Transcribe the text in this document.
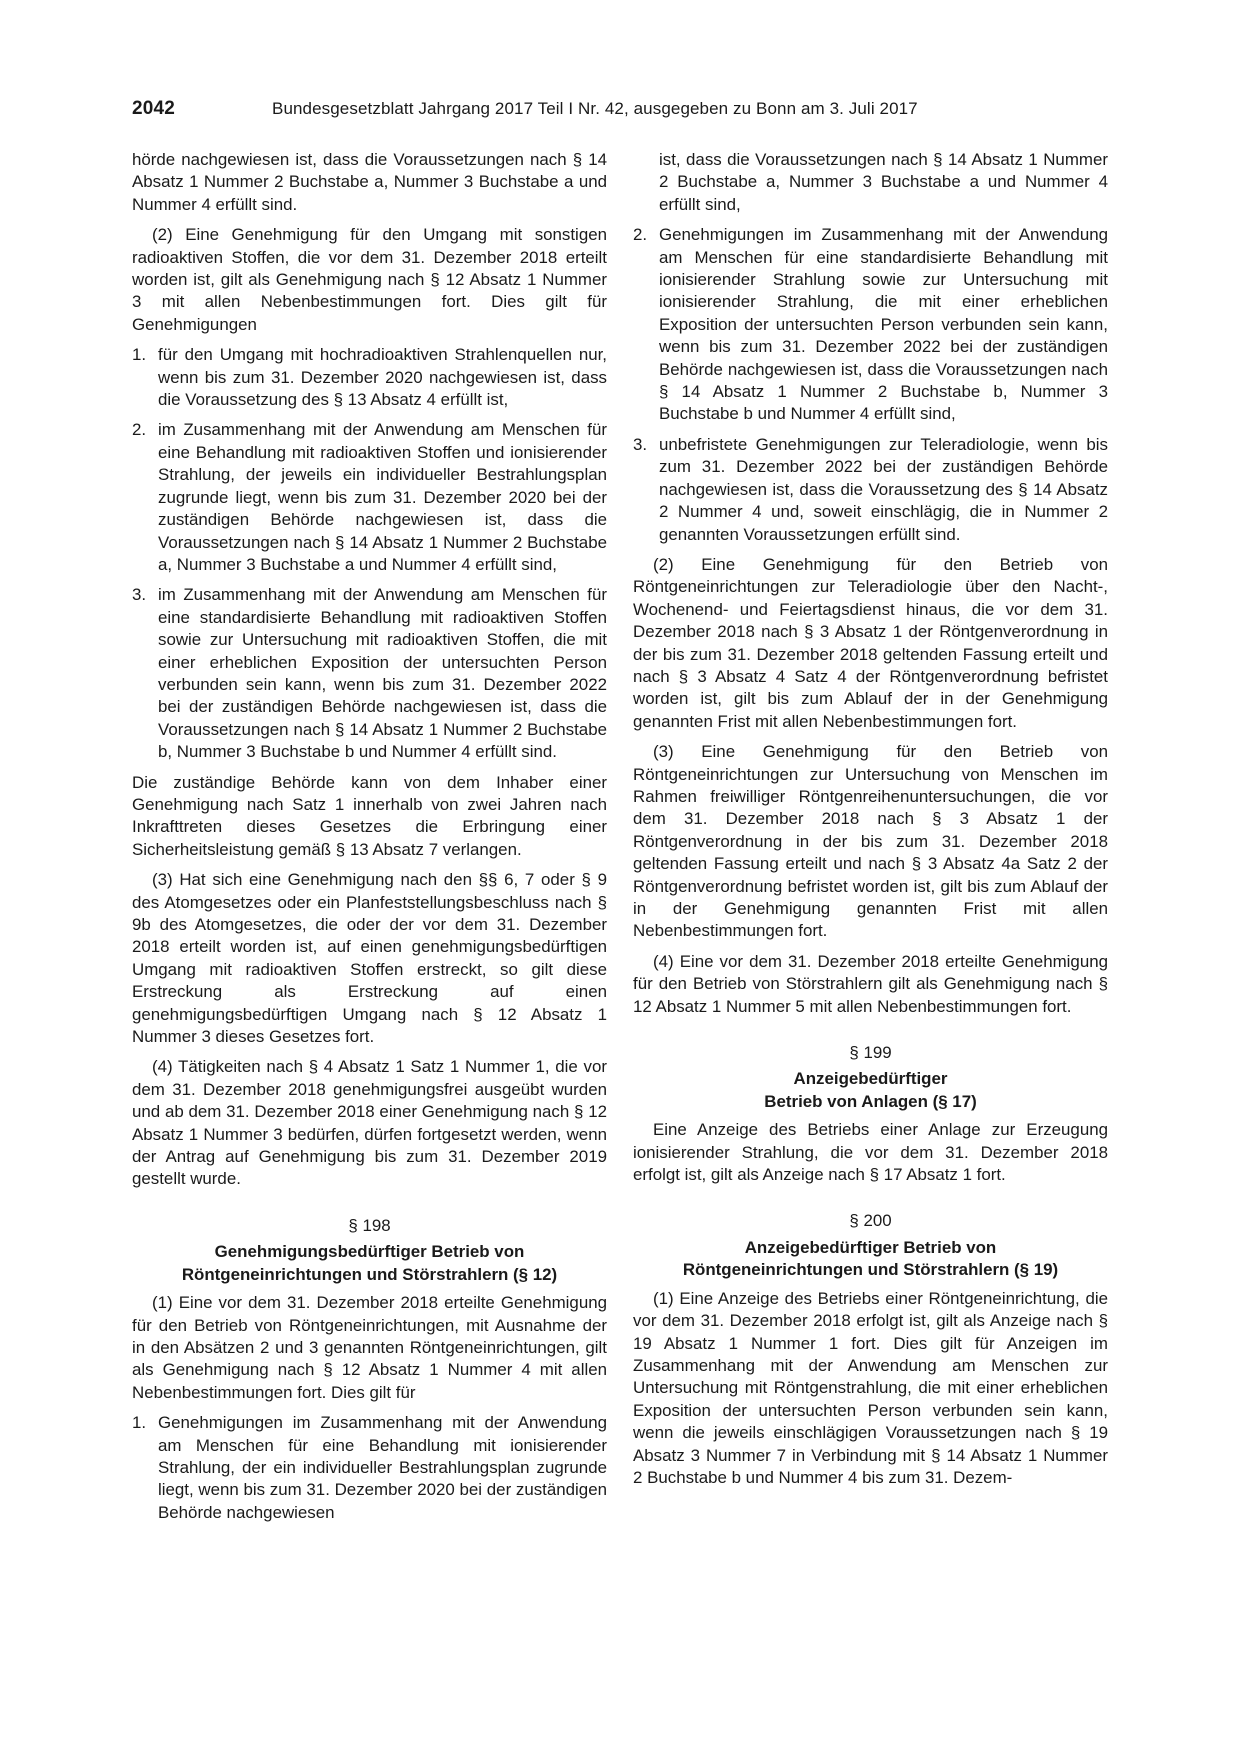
2042	Bundesgesetzblatt Jahrgang 2017 Teil I Nr. 42, ausgegeben zu Bonn am 3. Juli 2017

hörde nachgewiesen ist, dass die Voraussetzungen nach § 14 Absatz 1 Nummer 2 Buchstabe a, Nummer 3 Buchstabe a und Nummer 4 erfüllt sind.

(2) Eine Genehmigung für den Umgang mit sonstigen radioaktiven Stoffen, die vor dem 31. Dezember 2018 erteilt worden ist, gilt als Genehmigung nach § 12 Absatz 1 Nummer 3 mit allen Nebenbestimmungen fort. Dies gilt für Genehmigungen

1. für den Umgang mit hochradioaktiven Strahlenquellen nur, wenn bis zum 31. Dezember 2020 nachgewiesen ist, dass die Voraussetzung des § 13 Absatz 4 erfüllt ist,
2. im Zusammenhang mit der Anwendung am Menschen für eine Behandlung mit radioaktiven Stoffen und ionisierender Strahlung, der jeweils ein individueller Bestrahlungsplan zugrunde liegt, wenn bis zum 31. Dezember 2020 bei der zuständigen Behörde nachgewiesen ist, dass die Voraussetzungen nach § 14 Absatz 1 Nummer 2 Buchstabe a, Nummer 3 Buchstabe a und Nummer 4 erfüllt sind,
3. im Zusammenhang mit der Anwendung am Menschen für eine standardisierte Behandlung mit radioaktiven Stoffen sowie zur Untersuchung mit radioaktiven Stoffen, die mit einer erheblichen Exposition der untersuchten Person verbunden sein kann, wenn bis zum 31. Dezember 2022 bei der zuständigen Behörde nachgewiesen ist, dass die Voraussetzungen nach § 14 Absatz 1 Nummer 2 Buchstabe b, Nummer 3 Buchstabe b und Nummer 4 erfüllt sind.

Die zuständige Behörde kann von dem Inhaber einer Genehmigung nach Satz 1 innerhalb von zwei Jahren nach Inkrafttreten dieses Gesetzes die Erbringung einer Sicherheitsleistung gemäß § 13 Absatz 7 verlangen.

(3) Hat sich eine Genehmigung nach den §§ 6, 7 oder § 9 des Atomgesetzes oder ein Planfeststellungsbeschluss nach § 9b des Atomgesetzes, die oder der vor dem 31. Dezember 2018 erteilt worden ist, auf einen genehmigungsbedürftigen Umgang mit radioaktiven Stoffen erstreckt, so gilt diese Erstreckung als Erstreckung auf einen genehmigungsbedürftigen Umgang nach § 12 Absatz 1 Nummer 3 dieses Gesetzes fort.

(4) Tätigkeiten nach § 4 Absatz 1 Satz 1 Nummer 1, die vor dem 31. Dezember 2018 genehmigungsfrei ausgeübt wurden und ab dem 31. Dezember 2018 einer Genehmigung nach § 12 Absatz 1 Nummer 3 bedürfen, dürfen fortgesetzt werden, wenn der Antrag auf Genehmigung bis zum 31. Dezember 2019 gestellt wurde.

§ 198
Genehmigungsbedürftiger Betrieb von
Röntgeneinrichtungen und Störstrahlern (§ 12)

(1) Eine vor dem 31. Dezember 2018 erteilte Genehmigung für den Betrieb von Röntgeneinrichtungen, mit Ausnahme der in den Absätzen 2 und 3 genannten Röntgeneinrichtungen, gilt als Genehmigung nach § 12 Absatz 1 Nummer 4 mit allen Nebenbestimmungen fort. Dies gilt für

1. Genehmigungen im Zusammenhang mit der Anwendung am Menschen für eine Behandlung mit ionisierender Strahlung, der ein individueller Bestrahlungsplan zugrunde liegt, wenn bis zum 31. Dezember 2020 bei der zuständigen Behörde nachgewiesen
ist, dass die Voraussetzungen nach § 14 Absatz 1 Nummer 2 Buchstabe a, Nummer 3 Buchstabe a und Nummer 4 erfüllt sind,
2. Genehmigungen im Zusammenhang mit der Anwendung am Menschen für eine standardisierte Behandlung mit ionisierender Strahlung sowie zur Untersuchung mit ionisierender Strahlung, die mit einer erheblichen Exposition der untersuchten Person verbunden sein kann, wenn bis zum 31. Dezember 2022 bei der zuständigen Behörde nachgewiesen ist, dass die Voraussetzungen nach § 14 Absatz 1 Nummer 2 Buchstabe b, Nummer 3 Buchstabe b und Nummer 4 erfüllt sind,
3. unbefristete Genehmigungen zur Teleradiologie, wenn bis zum 31. Dezember 2022 bei der zuständigen Behörde nachgewiesen ist, dass die Voraussetzung des § 14 Absatz 2 Nummer 4 und, soweit einschlägig, die in Nummer 2 genannten Voraussetzungen erfüllt sind.

(2) Eine Genehmigung für den Betrieb von Röntgeneinrichtungen zur Teleradiologie über den Nacht-, Wochenend- und Feiertagsdienst hinaus, die vor dem 31. Dezember 2018 nach § 3 Absatz 1 der Röntgenverordnung in der bis zum 31. Dezember 2018 geltenden Fassung erteilt und nach § 3 Absatz 4 Satz 4 der Röntgenverordnung befristet worden ist, gilt bis zum Ablauf der in der Genehmigung genannten Frist mit allen Nebenbestimmungen fort.

(3) Eine Genehmigung für den Betrieb von Röntgeneinrichtungen zur Untersuchung von Menschen im Rahmen freiwilliger Röntgenreihenuntersuchungen, die vor dem 31. Dezember 2018 nach § 3 Absatz 1 der Röntgenverordnung in der bis zum 31. Dezember 2018 geltenden Fassung erteilt und nach § 3 Absatz 4a Satz 2 der Röntgenverordnung befristet worden ist, gilt bis zum Ablauf der in der Genehmigung genannten Frist mit allen Nebenbestimmungen fort.

(4) Eine vor dem 31. Dezember 2018 erteilte Genehmigung für den Betrieb von Störstrahlern gilt als Genehmigung nach § 12 Absatz 1 Nummer 5 mit allen Nebenbestimmungen fort.

§ 199
Anzeigebedürftiger
Betrieb von Anlagen (§ 17)

Eine Anzeige des Betriebs einer Anlage zur Erzeugung ionisierender Strahlung, die vor dem 31. Dezember 2018 erfolgt ist, gilt als Anzeige nach § 17 Absatz 1 fort.

§ 200
Anzeigebedürftiger Betrieb von
Röntgeneinrichtungen und Störstrahlern (§ 19)

(1) Eine Anzeige des Betriebs einer Röntgeneinrichtung, die vor dem 31. Dezember 2018 erfolgt ist, gilt als Anzeige nach § 19 Absatz 1 Nummer 1 fort. Dies gilt für Anzeigen im Zusammenhang mit der Anwendung am Menschen zur Untersuchung mit Röntgenstrahlung, die mit einer erheblichen Exposition der untersuchten Person verbunden sein kann, wenn die jeweils einschlägigen Voraussetzungen nach § 19 Absatz 3 Nummer 7 in Verbindung mit § 14 Absatz 1 Nummer 2 Buchstabe b und Nummer 4 bis zum 31. Dezem-
